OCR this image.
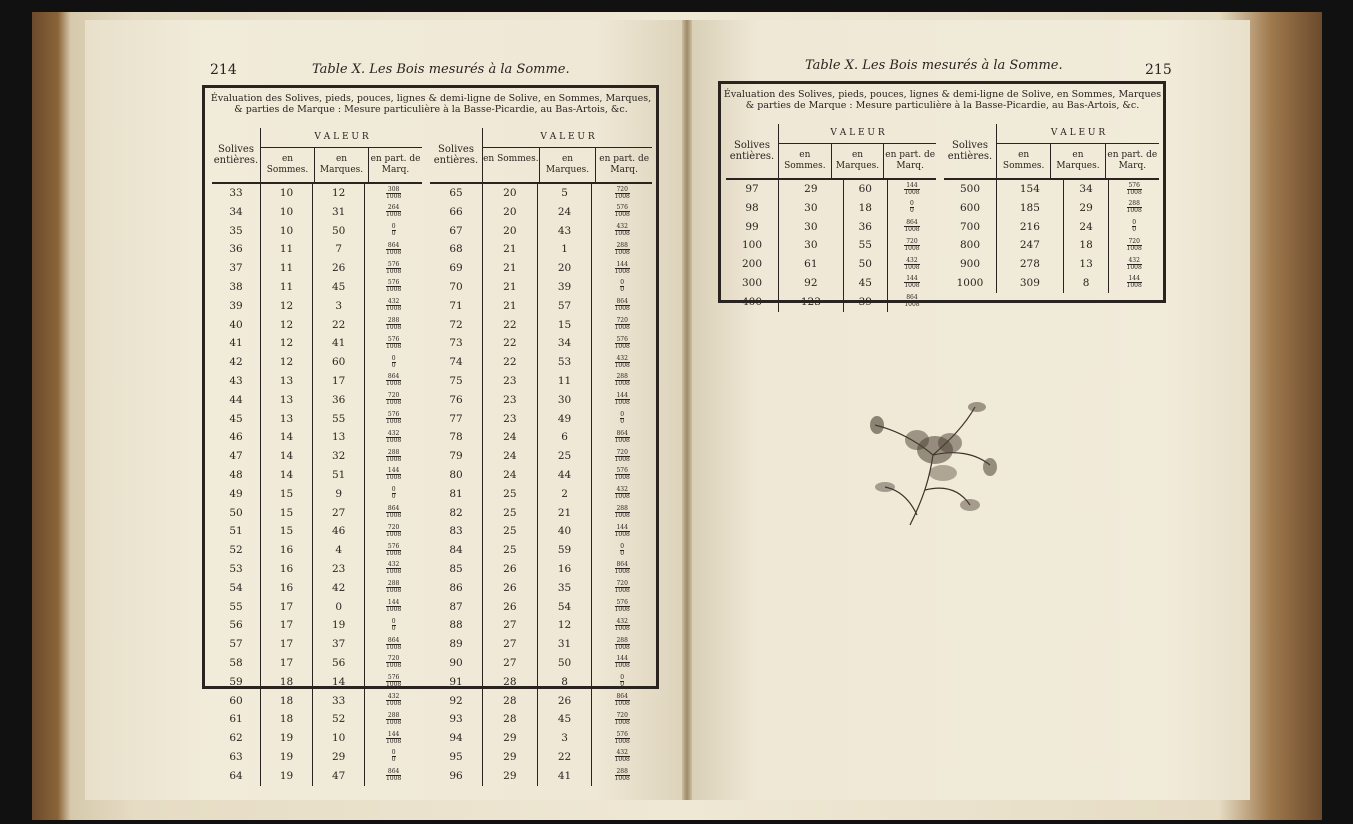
214	Table X. Les Bois mesurés à la Somme.
Évaluation des Solives, pieds, pouces, lignes & demi-ligne de Solive, en Sommes, Marques,
& parties de Marque : Mesure particulière à la Basse-Picardie, au Bas-Artois, &c.
Solives entières.	V A L E U R
en Sommes.
en Marques.
en part. de Marq.		

33	10	12	$\frac{308}{1008}$

34	10	31	$\frac{264}{1008}$

35	10	50	$\frac{0}{0}$

36	11	7	$\frac{864}{1008}$

37	11	26	$\frac{576}{1008}$

38	11	45	$\frac{576}{1008}$

39	12	3	$\frac{432}{1008}$

40	12	22	$\frac{288}{1008}$

41	12	41	$\frac{576}{1008}$

42	12	60	$\frac{0}{0}$

43	13	17	$\frac{864}{1008}$

44	13	36	$\frac{720}{1008}$

45	13	55	$\frac{576}{1008}$

46	14	13	$\frac{432}{1008}$

47	14	32	$\frac{288}{1008}$

48	14	51	$\frac{144}{1008}$

49	15	9	$\frac{0}{0}$

50	15	27	$\frac{864}{1008}$

51	15	46	$\frac{720}{1008}$

52	16	4	$\frac{576}{1008}$

53	16	23	$\frac{432}{1008}$

54	16	42	$\frac{288}{1008}$

55	17	0	$\frac{144}{1008}$

56	17	19	$\frac{0}{0}$

57	17	37	$\frac{864}{1008}$

58	17	56	$\frac{720}{1008}$

59	18	14	$\frac{576}{1008}$

60	18	33	$\frac{432}{1008}$

61	18	52	$\frac{288}{1008}$

62	19	10	$\frac{144}{1008}$

63	19	29	$\frac{0}{0}$

64	19	47	$\frac{864}{1008}$
Solives entières.	V A L E U R
en Sommes. en Marques.
en part. de Marq.		

65	20	5	$\frac{720}{1008}$

66	20	24	$\frac{576}{1008}$

67	20	43	$\frac{432}{1008}$

68	21	1	$\frac{288}{1008}$

69	21	20	$\frac{144}{1008}$

70	21	39	$\frac{0}{0}$

71	21	57	$\frac{864}{1008}$

72	22	15	$\frac{720}{1008}$

73	22	34	$\frac{576}{1008}$

74	22	53	$\frac{432}{1008}$

75	23	11	$\frac{288}{1008}$

76	23	30	$\frac{144}{1008}$

77	23	49	$\frac{0}{0}$

78	24	6	$\frac{864}{1008}$

79	24	25	$\frac{720}{1008}$

80	24	44	$\frac{576}{1008}$

81	25	2	$\frac{432}{1008}$

82	25	21	$\frac{288}{1008}$

83	25	40	$\frac{144}{1008}$

84	25	59	$\frac{0}{0}$

85	26	16	$\frac{864}{1008}$

86	26	35	$\frac{720}{1008}$

87	26	54	$\frac{576}{1008}$

88	27	12	$\frac{432}{1008}$

89	27	31	$\frac{288}{1008}$

90	27	50	$\frac{144}{1008}$

91	28	8	$\frac{0}{0}$

92	28	26	$\frac{864}{1008}$

93	28	45	$\frac{720}{1008}$

94	29	3	$\frac{576}{1008}$

95	29	22	$\frac{432}{1008}$

96	29	41	$\frac{288}{1008}$
Table X. Les Bois mesurés à la Somme.	215
Évaluation des Solives, pieds, pouces, lignes & demi-ligne de Solive, en Sommes, Marques
& parties de Marque : Mesure particulière à la Basse-Picardie, au Bas-Artois, &c.
Solives entières.	V A L E U R
en Sommes.
en Marques.
en part. de Marq.		

97	29	60	$\frac{144}{1008}$

98	30	18	$\frac{0}{0}$

99	30	36	$\frac{864}{1008}$

100	30	55	$\frac{720}{1008}$

200	61	50	$\frac{432}{1008}$

300	92	45	$\frac{144}{1008}$

400	123	39	$\frac{864}{1008}$
Solives entières.	V A L E U R
en Sommes.
en Marques.
en part. de Marq.		

500	154	34	$\frac{576}{1008}$

600	185	29	$\frac{288}{1008}$

700	216	24	$\frac{0}{0}$

800	247	18	$\frac{720}{1008}$

900	278	13	$\frac{432}{1008}$

1000	309	8	$\frac{144}{1008}$
